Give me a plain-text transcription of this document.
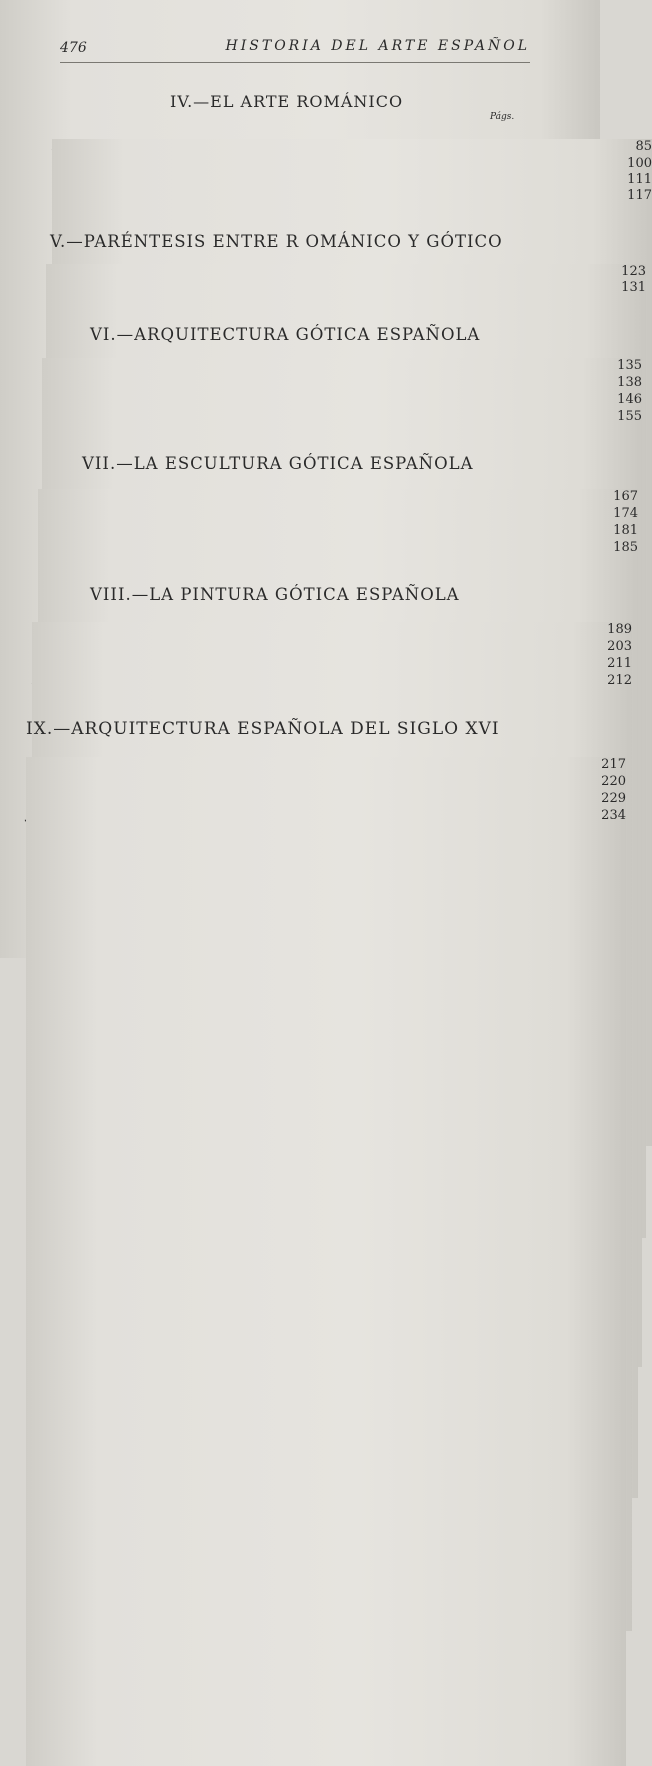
476	HISTORIA DEL ARTE ESPAÑOL
IV.—EL ARTE ROMÁNICO
Págs.
85
100
111
117
V.—PARÉNTESIS ENTRE R OMÁNICO Y GÓTICO
123
131
VI.—ARQUITECTURA GÓTICA ESPAÑOLA
135
138
146
155
VII.—LA ESCULTURA GÓTICA ESPAÑOLA
167
174
181
185
VIII.—LA PINTURA GÓTICA ESPAÑOLA
189
203
211
212
IX.—ARQUITECTURA ESPAÑOLA DEL SIGLO XVI
217
220
229
234
